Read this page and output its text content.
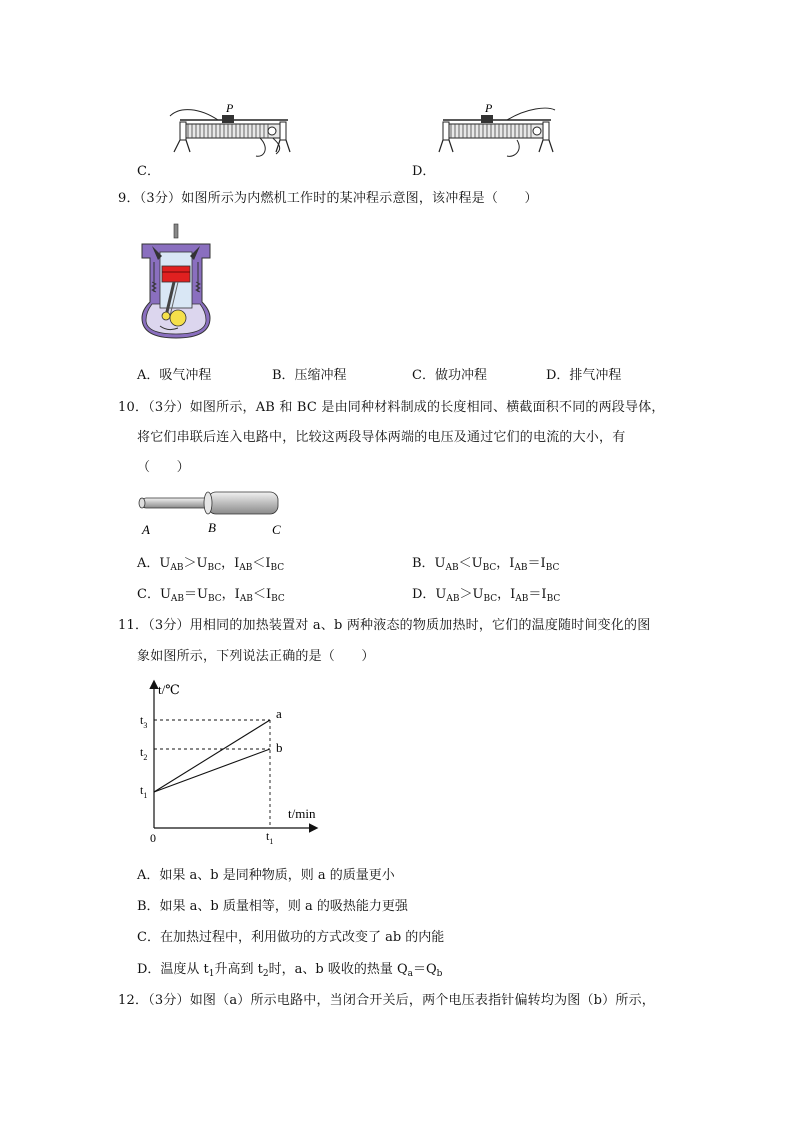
P
C．
P
D．
9．（3分）如图所示为内燃机工作时的某冲程示意图，该冲程是（　　）
A．吸气冲程	B．压缩冲程	C．做功冲程	D．排气冲程
10．（3分）如图所示，AB 和 BC 是由同种材料制成的长度相同、横截面积不同的两段导体，
将它们串联后连入电路中，比较这两段导体两端的电压及通过它们的电流的大小，有
（　　）
A	B	C
A．$U_{AB}>U_{BC}$，$I_{AB}<I_{BC}$	B．$U_{AB}<U_{BC}$，$I_{AB}=I_{BC}$
C．$U_{AB}=U_{BC}$，$I_{AB}<I_{BC}$	D．$U_{AB}>U_{BC}$，$I_{AB}=I_{BC}$
11．（3分）用相同的加热装置对 a、b 两种液态的物质加热时，它们的温度随时间变化的图
象如图所示，下列说法正确的是（　　）
t/℃
t/min
0
a
b
$t_3$
$t_2$
$t_1$
$t_1$
A．如果 a、b 是同种物质，则 a 的质量更小
B．如果 a、b 质量相等，则 a 的吸热能力更强
C．在加热过程中，利用做功的方式改变了 ab 的内能
D．温度从 $t_1$升高到 $t_2$时，a、b 吸收的热量 $Q_a=Q_b$
12．（3分）如图（a）所示电路中，当闭合开关后，两个电压表指针偏转均为图（b）所示，
